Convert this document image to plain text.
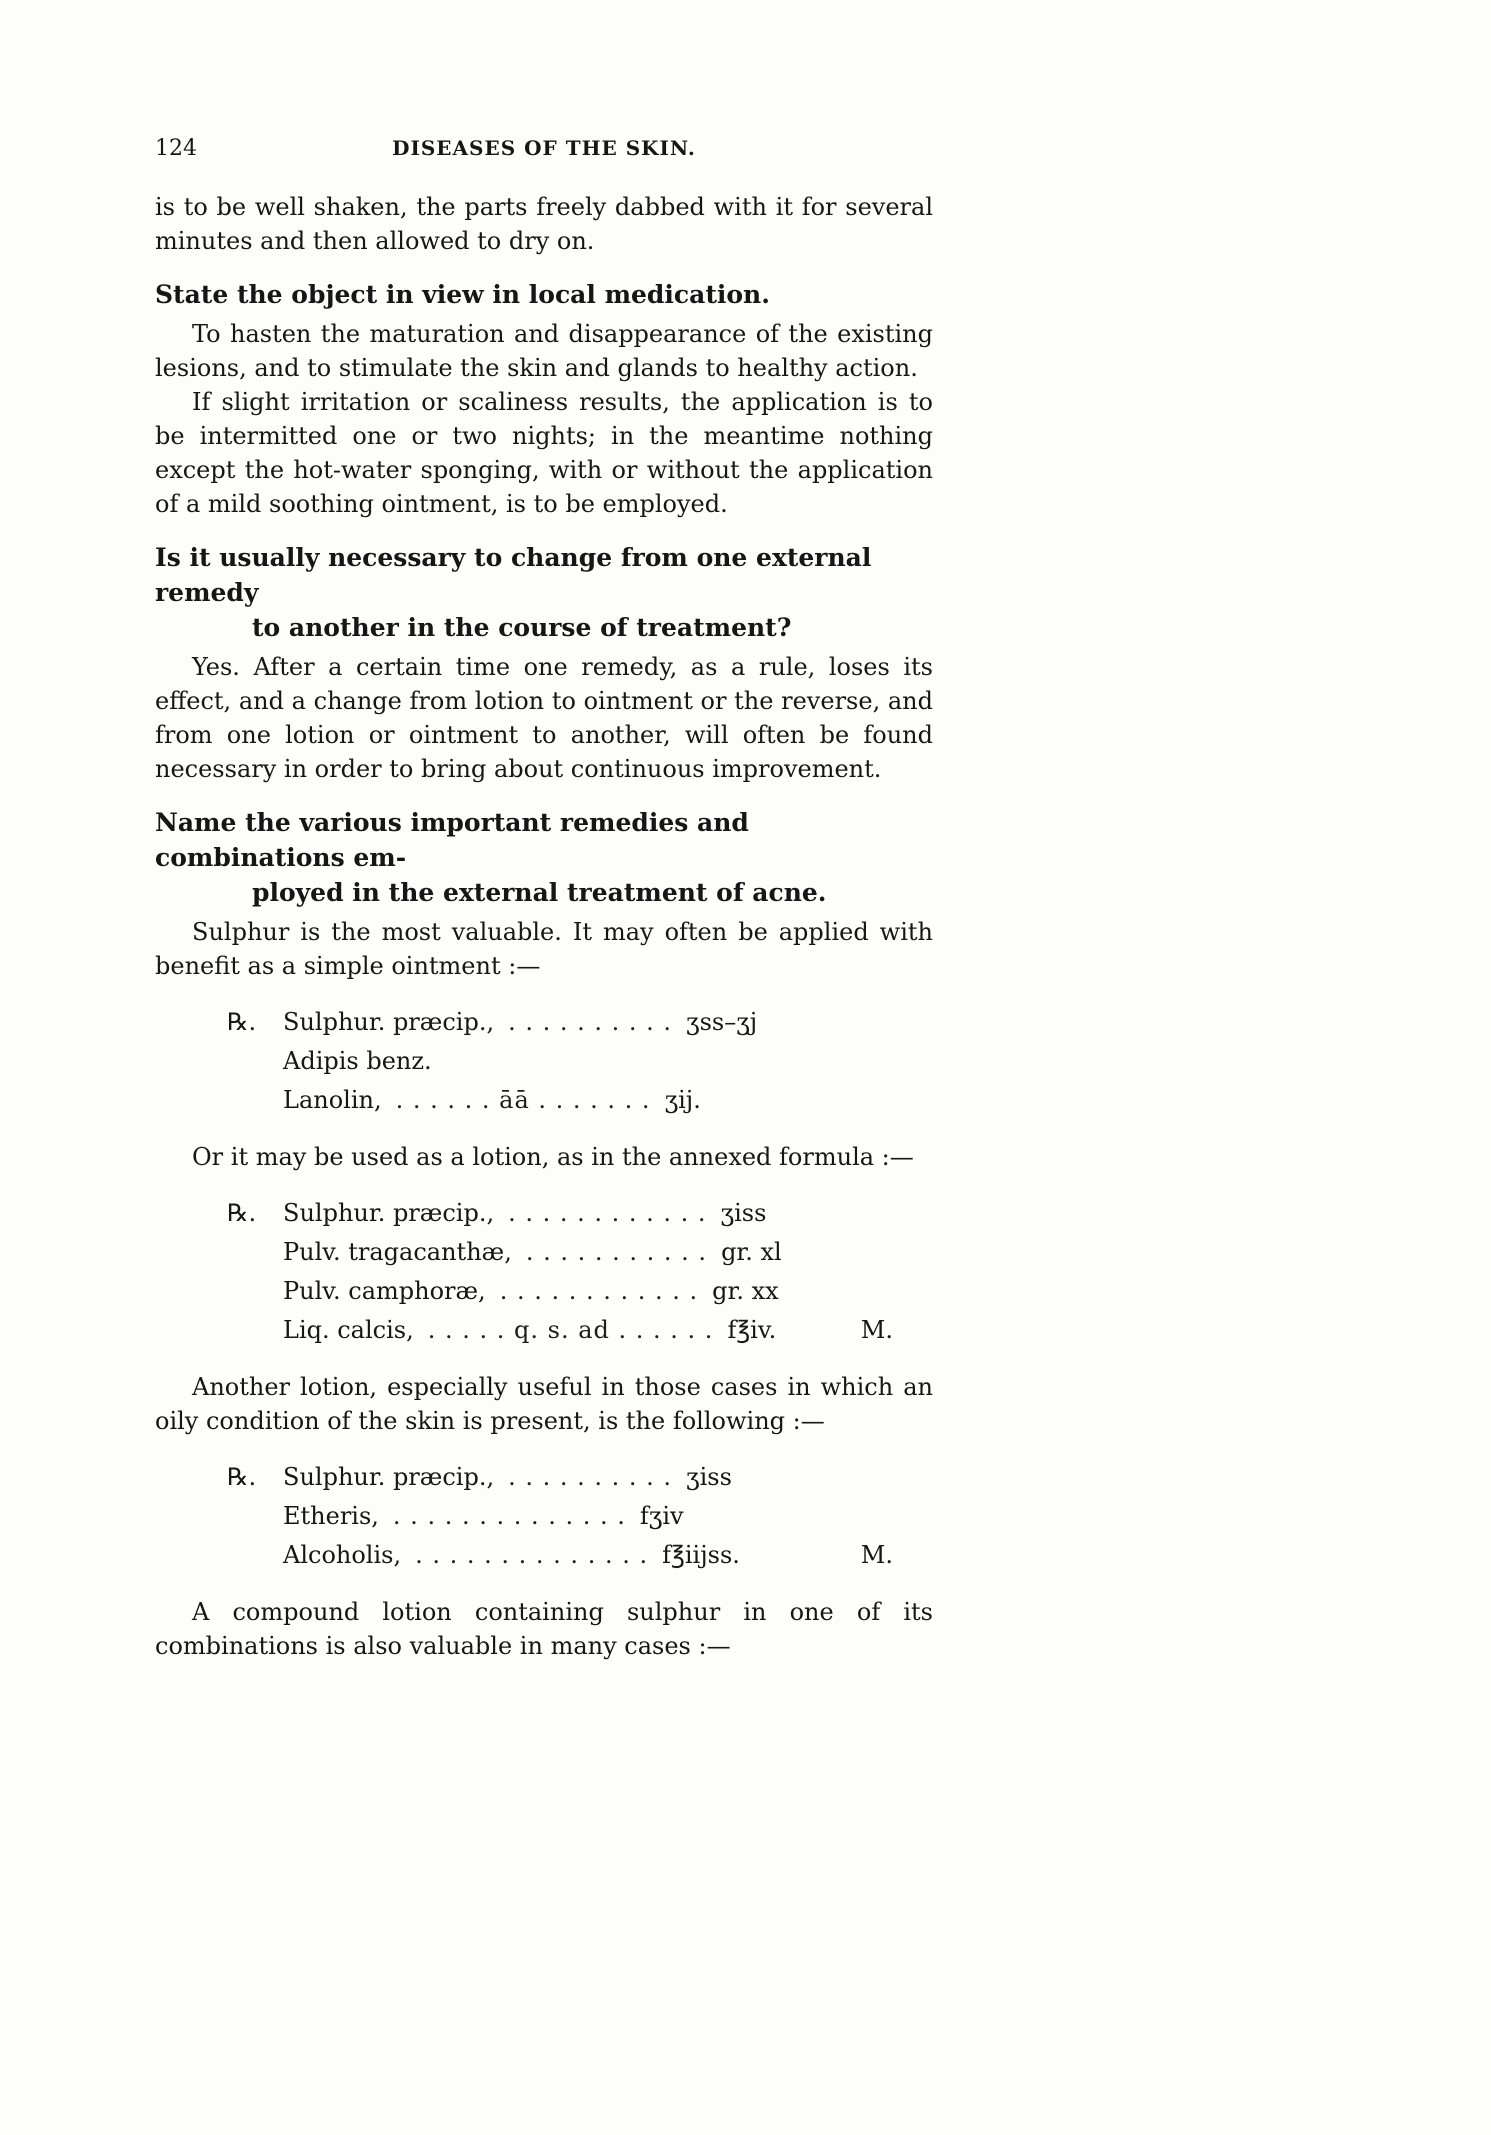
124	DISEASES OF THE SKIN.

is to be well shaken, the parts freely dabbed with it for several minutes and then allowed to dry on.

State the object in view in local medication.

To hasten the maturation and disappearance of the existing lesions, and to stimulate the skin and glands to healthy action.

If slight irritation or scaliness results, the application is to be intermitted one or two nights; in the meantime nothing except the hot-water sponging, with or without the application of a mild soothing ointment, is to be employed.

Is it usually necessary to change from one external remedy
to another in the course of treatment?

Yes. After a certain time one remedy, as a rule, loses its effect, and a change from lotion to ointment or the reverse, and from one lotion or ointment to another, will often be found necessary in order to bring about continuous improvement.

Name the various important remedies and combinations em-
ployed in the external treatment of acne.

Sulphur is the most valuable. It may often be applied with benefit as a simple ointment :—

℞.	Sulphur. præcip., . . . . . . . . . . ʒss–ʒj
Adipis benz.
Lanolin, . . . . . . āā . . . . . . . ʒij.

Or it may be used as a lotion, as in the annexed formula :—

℞.	Sulphur. præcip., . . . . . . . . . . . . ʒiss
Pulv. tragacanthæ, . . . . . . . . . . . gr. xl
Pulv. camphoræ, . . . . . . . . . . . . gr. xx
Liq. calcis, . . . . . q. s. ad . . . . . . f℥iv.	M.

Another lotion, especially useful in those cases in which an oily condition of the skin is present, is the following :—

℞.	Sulphur. præcip., . . . . . . . . . . ʒiss
Etheris, . . . . . . . . . . . . . . fʒiv
Alcoholis, . . . . . . . . . . . . . . f℥iijss.	M.

A compound lotion containing sulphur in one of its combinations is also valuable in many cases :—
